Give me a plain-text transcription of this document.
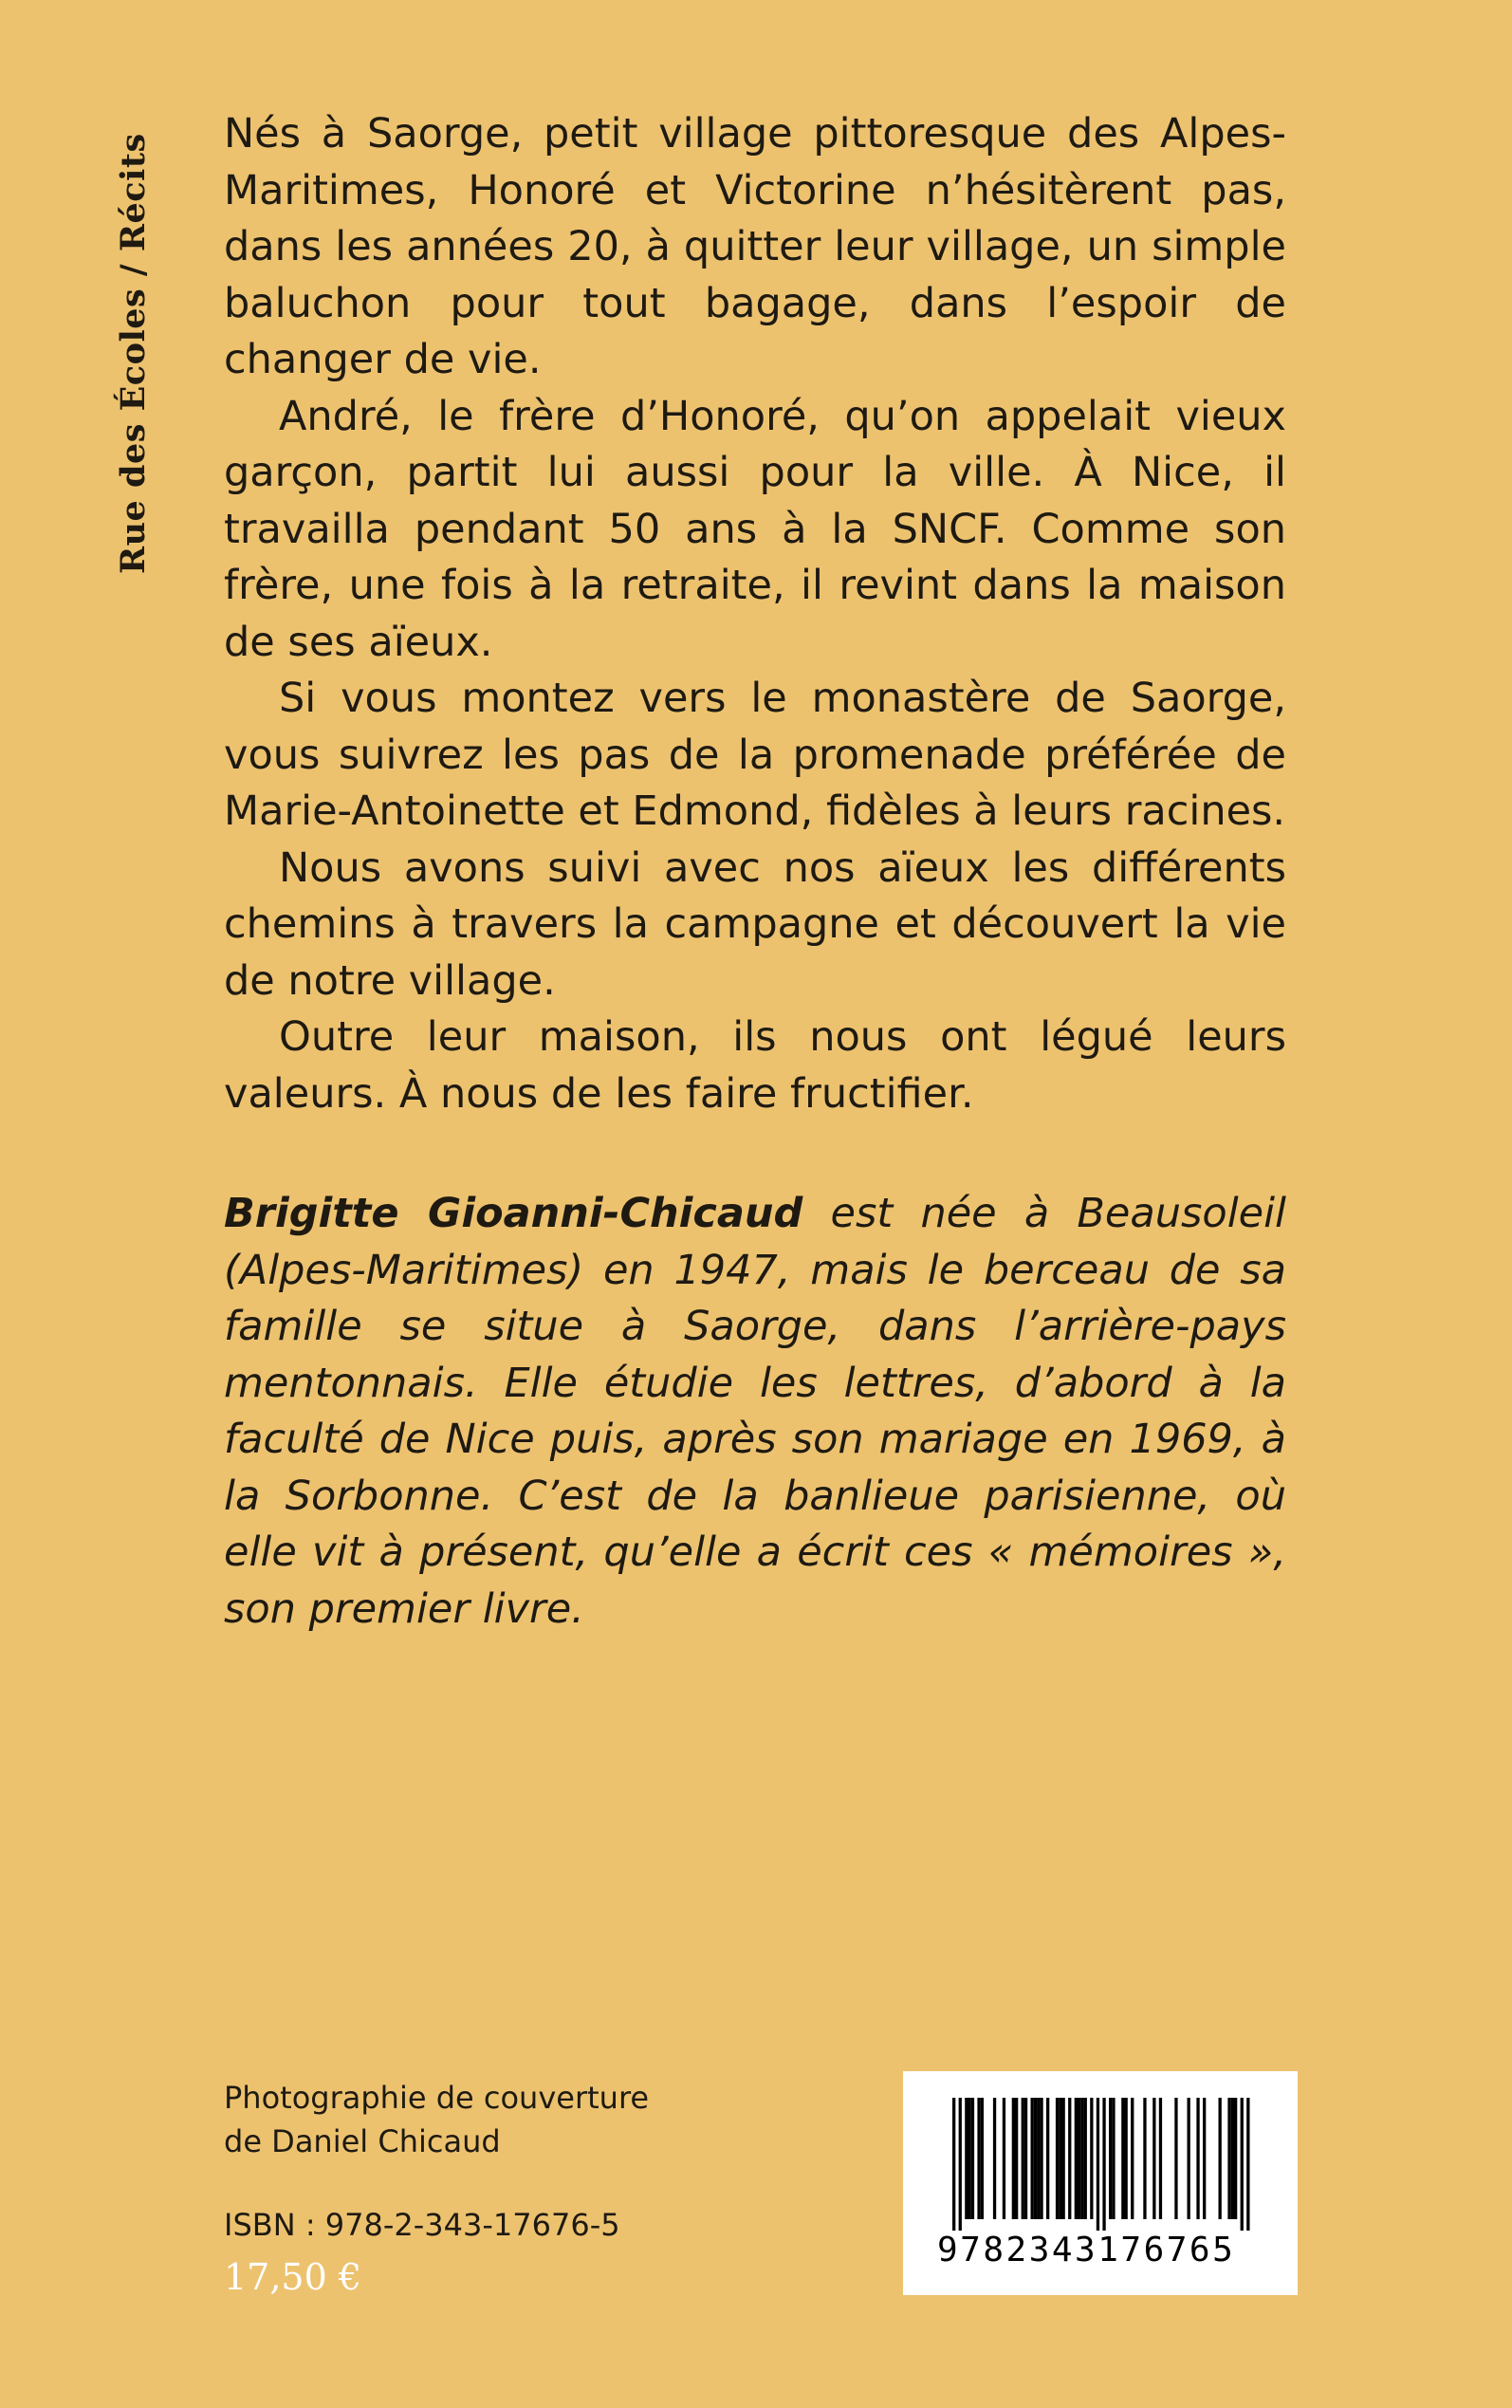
Rue des Écoles / Récits Nés à Saorge, petit village pittoresque des Alpes-Maritimes, Honoré et Victorine n’hésitèrent pas, dans les années 20, à quitter leur village, un simple baluchon pour tout bagage, dans l’espoir de changer de vie.

André, le frère d’Honoré, qu’on appelait vieux garçon, partit lui aussi pour la ville. À Nice, il travailla pendant 50 ans à la SNCF. Comme son frère, une fois à la retraite, il revint dans la maison de ses aïeux.

Si vous montez vers le monastère de Saorge, vous suivrez les pas de la promenade préférée de Marie-Antoinette et Edmond, fidèles à leurs racines.

Nous avons suivi avec nos aïeux les différents chemins à travers la campagne et découvert la vie de notre village.

Outre leur maison, ils nous ont légué leurs valeurs. À nous de les faire fructifier.

Brigitte Gioanni-Chicaud est née à Beausoleil (Alpes-Maritimes) en 1947, mais le berceau de sa famille se situe à Saorge, dans l’arrière-pays mentonnais. Elle étudie les lettres, d’abord à la faculté de Nice puis, après son mariage en 1969, à la Sorbonne. C’est de la banlieue parisienne, où elle vit à présent, qu’elle a écrit ces « mémoires », son premier livre.

Photographie de couverture
de Daniel Chicaud
ISBN : 978-2-343-17676-5
17,50 €
9782343176765
